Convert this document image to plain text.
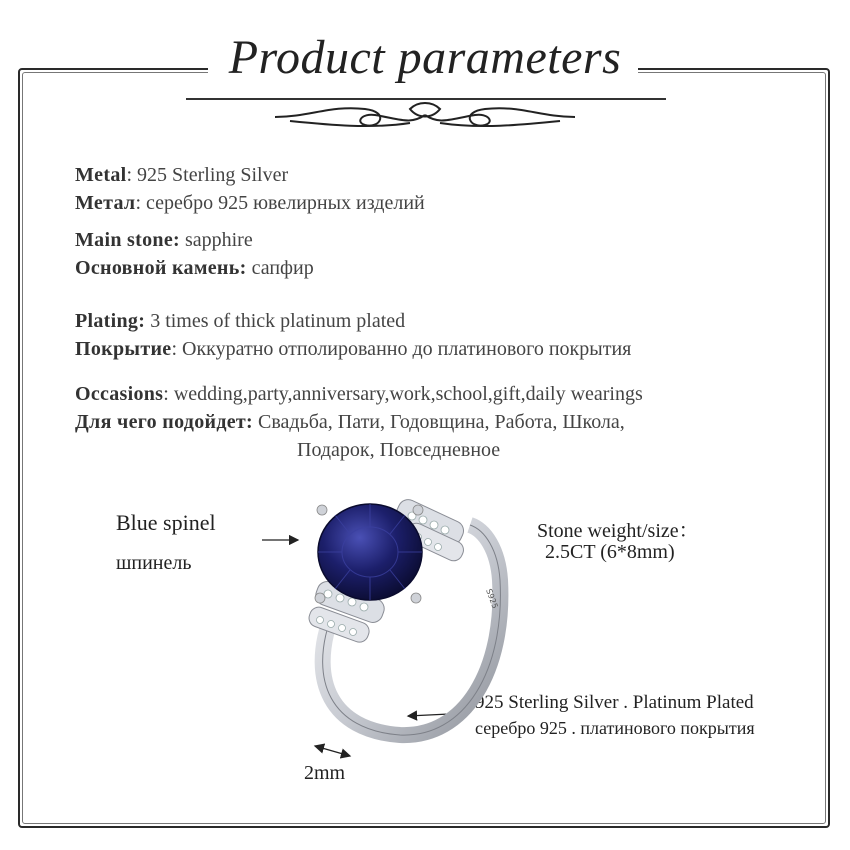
Product parameters
Metal: 925 Sterling Silver
Метал: серебро 925 ювелирных изделий
Main stone: sapphire
Основной камень: сапфир
Plating: 3 times of thick platinum plated
Покрытие: Оккуратно отполированно до платинового покрытия
Occasions: wedding,party,anniversary,work,school,gift,daily wearings
Для чего подойдет: Свадьба, Пати, Годовщина, Работа, Школа,
Подарок, Повседневное
Blue spinel
шпинель
Stone weight/size：
2.5CT (6*8mm)
925 Sterling Silver . Platinum Plated
серебро 925 . платинового покрытия
2mm
S925
